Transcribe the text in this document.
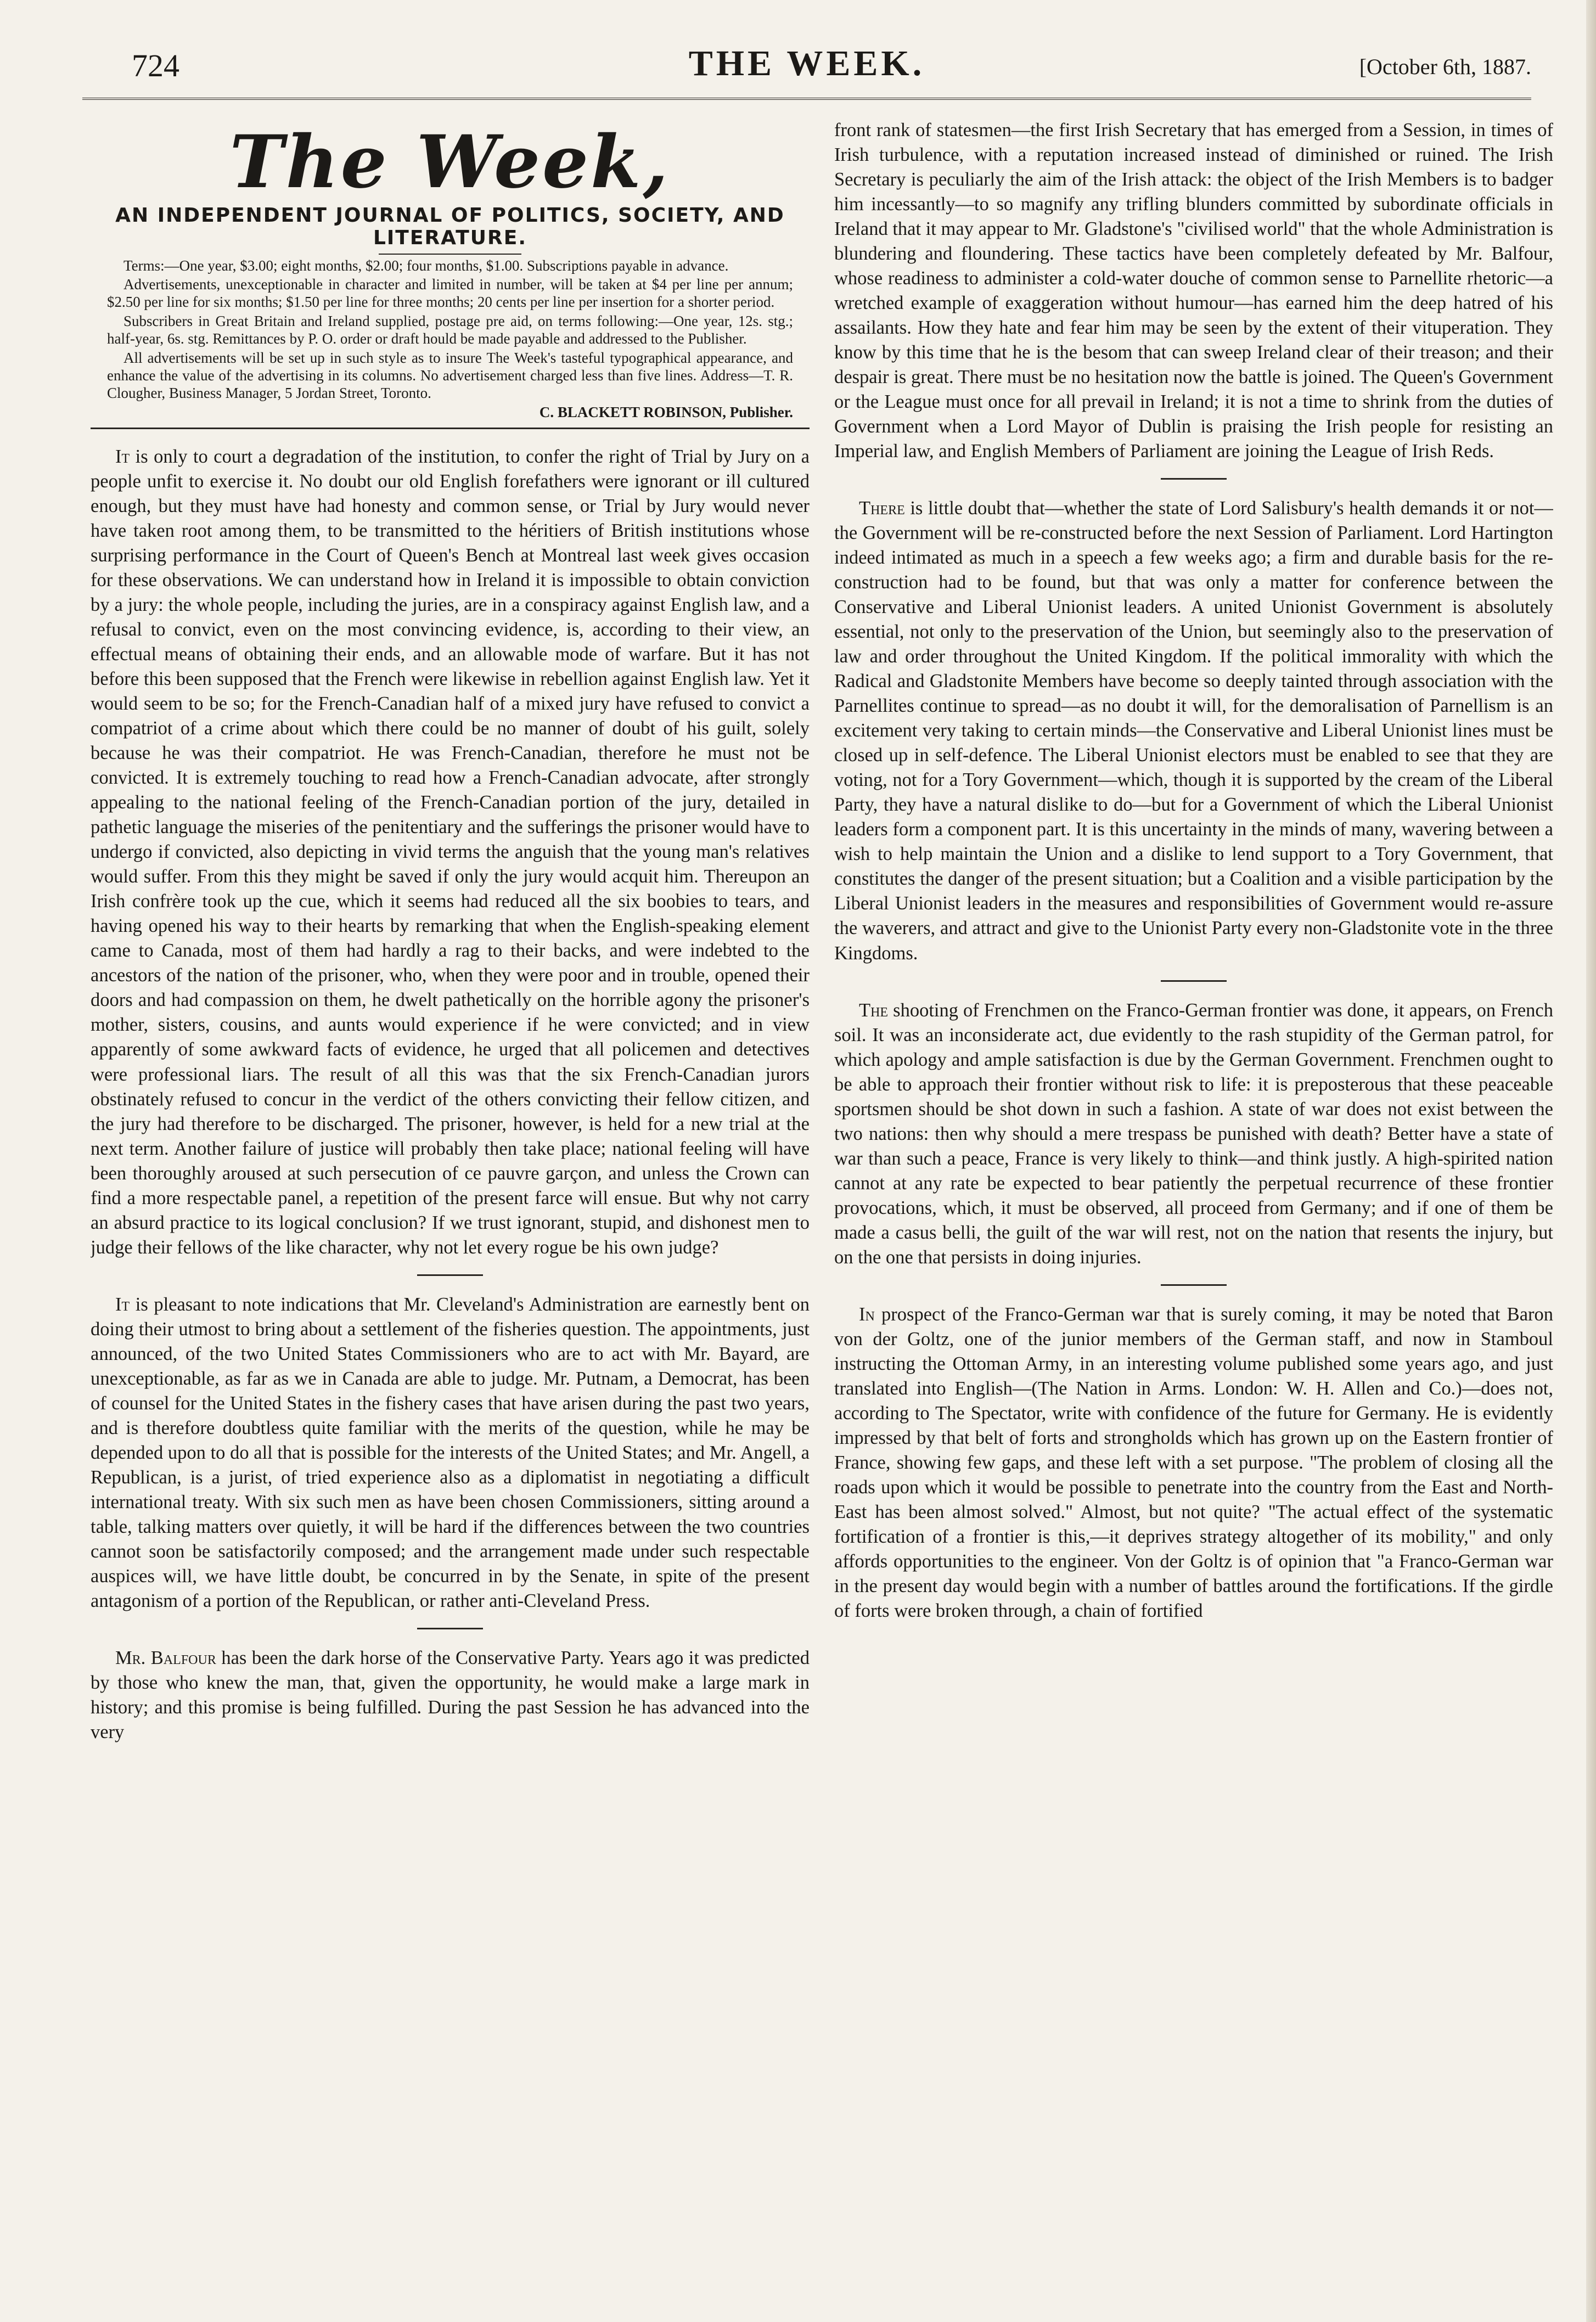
724	THE WEEK.	[October 6th, 1887.
The Week,
AN INDEPENDENT JOURNAL OF POLITICS, SOCIETY, AND LITERATURE.

Terms:—One year, $3.00; eight months, $2.00; four months, $1.00. Subscriptions payable in advance.

Advertisements, unexceptionable in character and limited in number, will be taken at $4 per line per annum; $2.50 per line for six months; $1.50 per line for three months; 20 cents per line per insertion for a shorter period.

Subscribers in Great Britain and Ireland supplied, postage pre aid, on terms following:—One year, 12s. stg.; half-year, 6s. stg. Remittances by P. O. order or draft hould be made payable and addressed to the Publisher.

All advertisements will be set up in such style as to insure The Week's tasteful typographical appearance, and enhance the value of the advertising in its columns. No advertisement charged less than five lines. Address—T. R. Clougher, Business Manager, 5 Jordan Street, Toronto.

C. BLACKETT ROBINSON, Publisher.

It is only to court a degradation of the institution, to confer the right of Trial by Jury on a people unfit to exercise it. No doubt our old English forefathers were ignorant or ill cultured enough, but they must have had honesty and common sense, or Trial by Jury would never have taken root among them, to be transmitted to the héritiers of British institutions whose surprising performance in the Court of Queen's Bench at Montreal last week gives occasion for these observations. We can understand how in Ireland it is impossible to obtain conviction by a jury: the whole people, including the juries, are in a conspiracy against English law, and a refusal to convict, even on the most convincing evidence, is, according to their view, an effectual means of obtaining their ends, and an allowable mode of warfare. But it has not before this been supposed that the French were likewise in rebellion against English law. Yet it would seem to be so; for the French-Canadian half of a mixed jury have refused to convict a compatriot of a crime about which there could be no manner of doubt of his guilt, solely because he was their compatriot. He was French-Canadian, therefore he must not be convicted. It is extremely touching to read how a French-Canadian advocate, after strongly appealing to the national feeling of the French-Canadian portion of the jury, detailed in pathetic language the miseries of the penitentiary and the sufferings the prisoner would have to undergo if convicted, also depicting in vivid terms the anguish that the young man's relatives would suffer. From this they might be saved if only the jury would acquit him. Thereupon an Irish confrère took up the cue, which it seems had reduced all the six boobies to tears, and having opened his way to their hearts by remarking that when the English-speaking element came to Canada, most of them had hardly a rag to their backs, and were indebted to the ancestors of the nation of the prisoner, who, when they were poor and in trouble, opened their doors and had compassion on them, he dwelt pathetically on the horrible agony the prisoner's mother, sisters, cousins, and aunts would experience if he were convicted; and in view apparently of some awkward facts of evidence, he urged that all policemen and detectives were professional liars. The result of all this was that the six French-Canadian jurors obstinately refused to concur in the verdict of the others convicting their fellow citizen, and the jury had therefore to be discharged. The prisoner, however, is held for a new trial at the next term. Another failure of justice will probably then take place; national feeling will have been thoroughly aroused at such persecution of ce pauvre garçon, and unless the Crown can find a more respectable panel, a repetition of the present farce will ensue. But why not carry an absurd practice to its logical conclusion? If we trust ignorant, stupid, and dishonest men to judge their fellows of the like character, why not let every rogue be his own judge?

It is pleasant to note indications that Mr. Cleveland's Administration are earnestly bent on doing their utmost to bring about a settlement of the fisheries question. The appointments, just announced, of the two United States Commissioners who are to act with Mr. Bayard, are unexceptionable, as far as we in Canada are able to judge. Mr. Putnam, a Democrat, has been of counsel for the United States in the fishery cases that have arisen during the past two years, and is therefore doubtless quite familiar with the merits of the question, while he may be depended upon to do all that is possible for the interests of the United States; and Mr. Angell, a Republican, is a jurist, of tried experience also as a diplomatist in negotiating a difficult international treaty. With six such men as have been chosen Commissioners, sitting around a table, talking matters over quietly, it will be hard if the differences between the two countries cannot soon be satisfactorily composed; and the arrangement made under such respectable auspices will, we have little doubt, be concurred in by the Senate, in spite of the present antagonism of a portion of the Republican, or rather anti-Cleveland Press.

Mr. Balfour has been the dark horse of the Conservative Party. Years ago it was predicted by those who knew the man, that, given the opportunity, he would make a large mark in history; and this promise is being fulfilled. During the past Session he has advanced into the very

front rank of statesmen—the first Irish Secretary that has emerged from a Session, in times of Irish turbulence, with a reputation increased instead of diminished or ruined. The Irish Secretary is peculiarly the aim of the Irish attack: the object of the Irish Members is to badger him incessantly—to so magnify any trifling blunders committed by subordinate officials in Ireland that it may appear to Mr. Gladstone's "civilised world" that the whole Administration is blundering and floundering. These tactics have been completely defeated by Mr. Balfour, whose readiness to administer a cold-water douche of common sense to Parnellite rhetoric—a wretched example of exaggeration without humour—has earned him the deep hatred of his assailants. How they hate and fear him may be seen by the extent of their vituperation. They know by this time that he is the besom that can sweep Ireland clear of their treason; and their despair is great. There must be no hesitation now the battle is joined. The Queen's Government or the League must once for all prevail in Ireland; it is not a time to shrink from the duties of Government when a Lord Mayor of Dublin is praising the Irish people for resisting an Imperial law, and English Members of Parliament are joining the League of Irish Reds.

There is little doubt that—whether the state of Lord Salisbury's health demands it or not—the Government will be re-constructed before the next Session of Parliament. Lord Hartington indeed intimated as much in a speech a few weeks ago; a firm and durable basis for the re-construction had to be found, but that was only a matter for conference between the Conservative and Liberal Unionist leaders. A united Unionist Government is absolutely essential, not only to the preservation of the Union, but seemingly also to the preservation of law and order throughout the United Kingdom. If the political immorality with which the Radical and Gladstonite Members have become so deeply tainted through association with the Parnellites continue to spread—as no doubt it will, for the demoralisation of Parnellism is an excitement very taking to certain minds—the Conservative and Liberal Unionist lines must be closed up in self-defence. The Liberal Unionist electors must be enabled to see that they are voting, not for a Tory Government—which, though it is supported by the cream of the Liberal Party, they have a natural dislike to do—but for a Government of which the Liberal Unionist leaders form a component part. It is this uncertainty in the minds of many, wavering between a wish to help maintain the Union and a dislike to lend support to a Tory Government, that constitutes the danger of the present situation; but a Coalition and a visible participation by the Liberal Unionist leaders in the measures and responsibilities of Government would re-assure the waverers, and attract and give to the Unionist Party every non-Gladstonite vote in the three Kingdoms.

The shooting of Frenchmen on the Franco-German frontier was done, it appears, on French soil. It was an inconsiderate act, due evidently to the rash stupidity of the German patrol, for which apology and ample satisfaction is due by the German Government. Frenchmen ought to be able to approach their frontier without risk to life: it is preposterous that these peaceable sportsmen should be shot down in such a fashion. A state of war does not exist between the two nations: then why should a mere trespass be punished with death? Better have a state of war than such a peace, France is very likely to think—and think justly. A high-spirited nation cannot at any rate be expected to bear patiently the perpetual recurrence of these frontier provocations, which, it must be observed, all proceed from Germany; and if one of them be made a casus belli, the guilt of the war will rest, not on the nation that resents the injury, but on the one that persists in doing injuries.

In prospect of the Franco-German war that is surely coming, it may be noted that Baron von der Goltz, one of the junior members of the German staff, and now in Stamboul instructing the Ottoman Army, in an interesting volume published some years ago, and just translated into English—(The Nation in Arms. London: W. H. Allen and Co.)—does not, according to The Spectator, write with confidence of the future for Germany. He is evidently impressed by that belt of forts and strongholds which has grown up on the Eastern frontier of France, showing few gaps, and these left with a set purpose. "The problem of closing all the roads upon which it would be possible to penetrate into the country from the East and North-East has been almost solved." Almost, but not quite? "The actual effect of the systematic fortification of a frontier is this,—it deprives strategy altogether of its mobility," and only affords opportunities to the engineer. Von der Goltz is of opinion that "a Franco-German war in the present day would begin with a number of battles around the fortifications. If the girdle of forts were broken through, a chain of fortified
